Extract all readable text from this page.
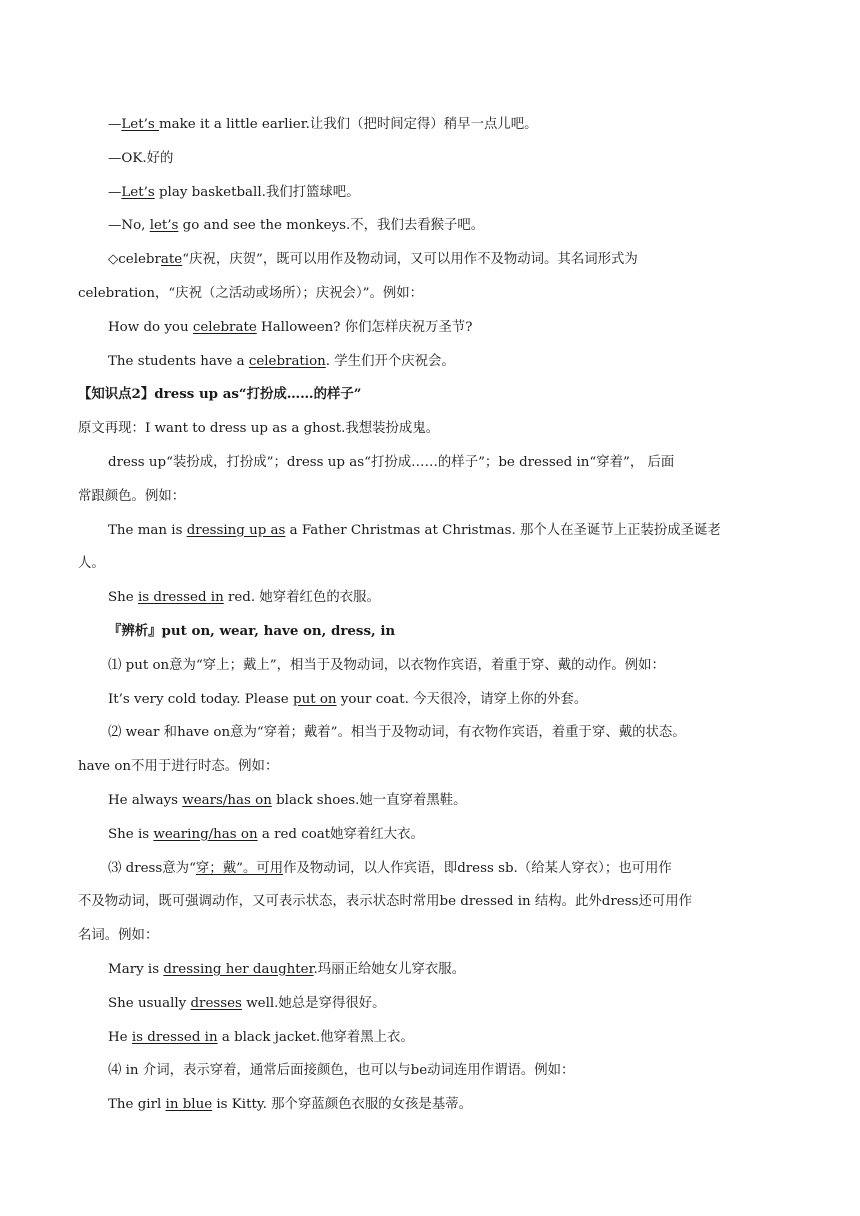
—Let’s make it a little earlier.让我们（把时间定得）稍早一点儿吧。
—OK.好的
—Let’s play basketball.我们打篮球吧。
—No, let’s go and see the monkeys.不，我们去看猴子吧。
◇celebrate“庆祝，庆贺”，既可以用作及物动词，又可以用作不及物动词。其名词形式为
celebration，“庆祝（之活动或场所）；庆祝会）”。例如：
How do you celebrate Halloween? 你们怎样庆祝万圣节?
The students have a celebration. 学生们开个庆祝会。
【知识点2】dress up as“打扮成……的样子”
原文再现：I want to dress up as a ghost.我想装扮成鬼。
dress up“装扮成，打扮成”；dress up as“打扮成……的样子”；be dressed in“穿着”， 后面
常跟颜色。例如：
The man is dressing up as a Father Christmas at Christmas. 那个人在圣诞节上正装扮成圣诞老
人。
She is dressed in red. 她穿着红色的衣服。
『辨析』put on, wear, have on, dress, in
⑴ put on意为“穿上；戴上”，相当于及物动词，以衣物作宾语，着重于穿、戴的动作。例如：
It’s very cold today. Please put on your coat. 今天很冷，请穿上你的外套。
⑵ wear 和have on意为“穿着；戴着”。相当于及物动词，有衣物作宾语，着重于穿、戴的状态。
have on不用于进行时态。例如：
He always wears/has on black shoes.她一直穿着黑鞋。
She is wearing/has on a red coat她穿着红大衣。
⑶ dress意为“穿；戴”。可用作及物动词，以人作宾语，即dress sb.（给某人穿衣）；也可用作
不及物动词，既可强调动作，又可表示状态，表示状态时常用be dressed in 结构。此外dress还可用作
名词。例如：
Mary is dressing her daughter.玛丽正给她女儿穿衣服。
She usually dresses well.她总是穿得很好。
He is dressed in a black jacket.他穿着黑上衣。
⑷ in 介词，表示穿着，通常后面接颜色，也可以与be动词连用作谓语。例如：
The girl in blue is Kitty. 那个穿蓝颜色衣服的女孩是基蒂。
